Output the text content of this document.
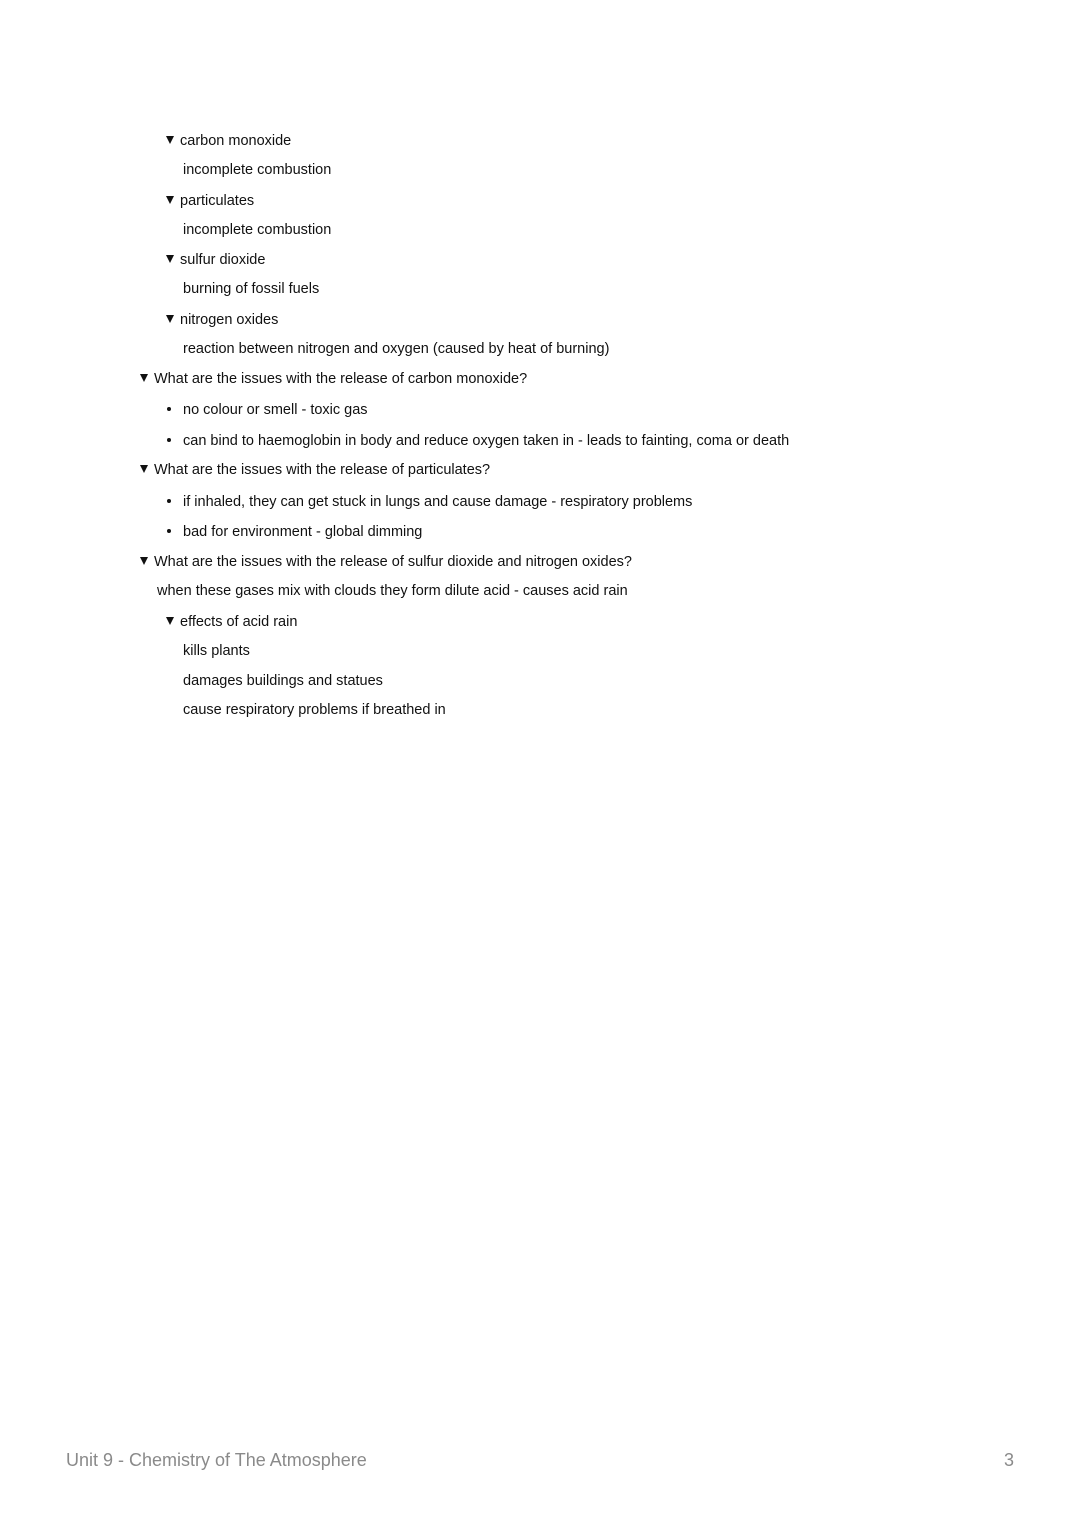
carbon monoxide
incomplete combustion
particulates
incomplete combustion
sulfur dioxide
burning of fossil fuels
nitrogen oxides
reaction between nitrogen and oxygen (caused by heat of burning)
What are the issues with the release of carbon monoxide?
no colour or smell - toxic gas
can bind to haemoglobin in body and reduce oxygen taken in - leads to fainting, coma or death
What are the issues with the release of particulates?
if inhaled, they can get stuck in lungs and cause damage - respiratory problems
bad for environment - global dimming
What are the issues with the release of sulfur dioxide and nitrogen oxides?
when these gases mix with clouds they form dilute acid - causes acid rain
effects of acid rain
kills plants
damages buildings and statues
cause respiratory problems if breathed in
Unit 9 - Chemistry of The Atmosphere	3
